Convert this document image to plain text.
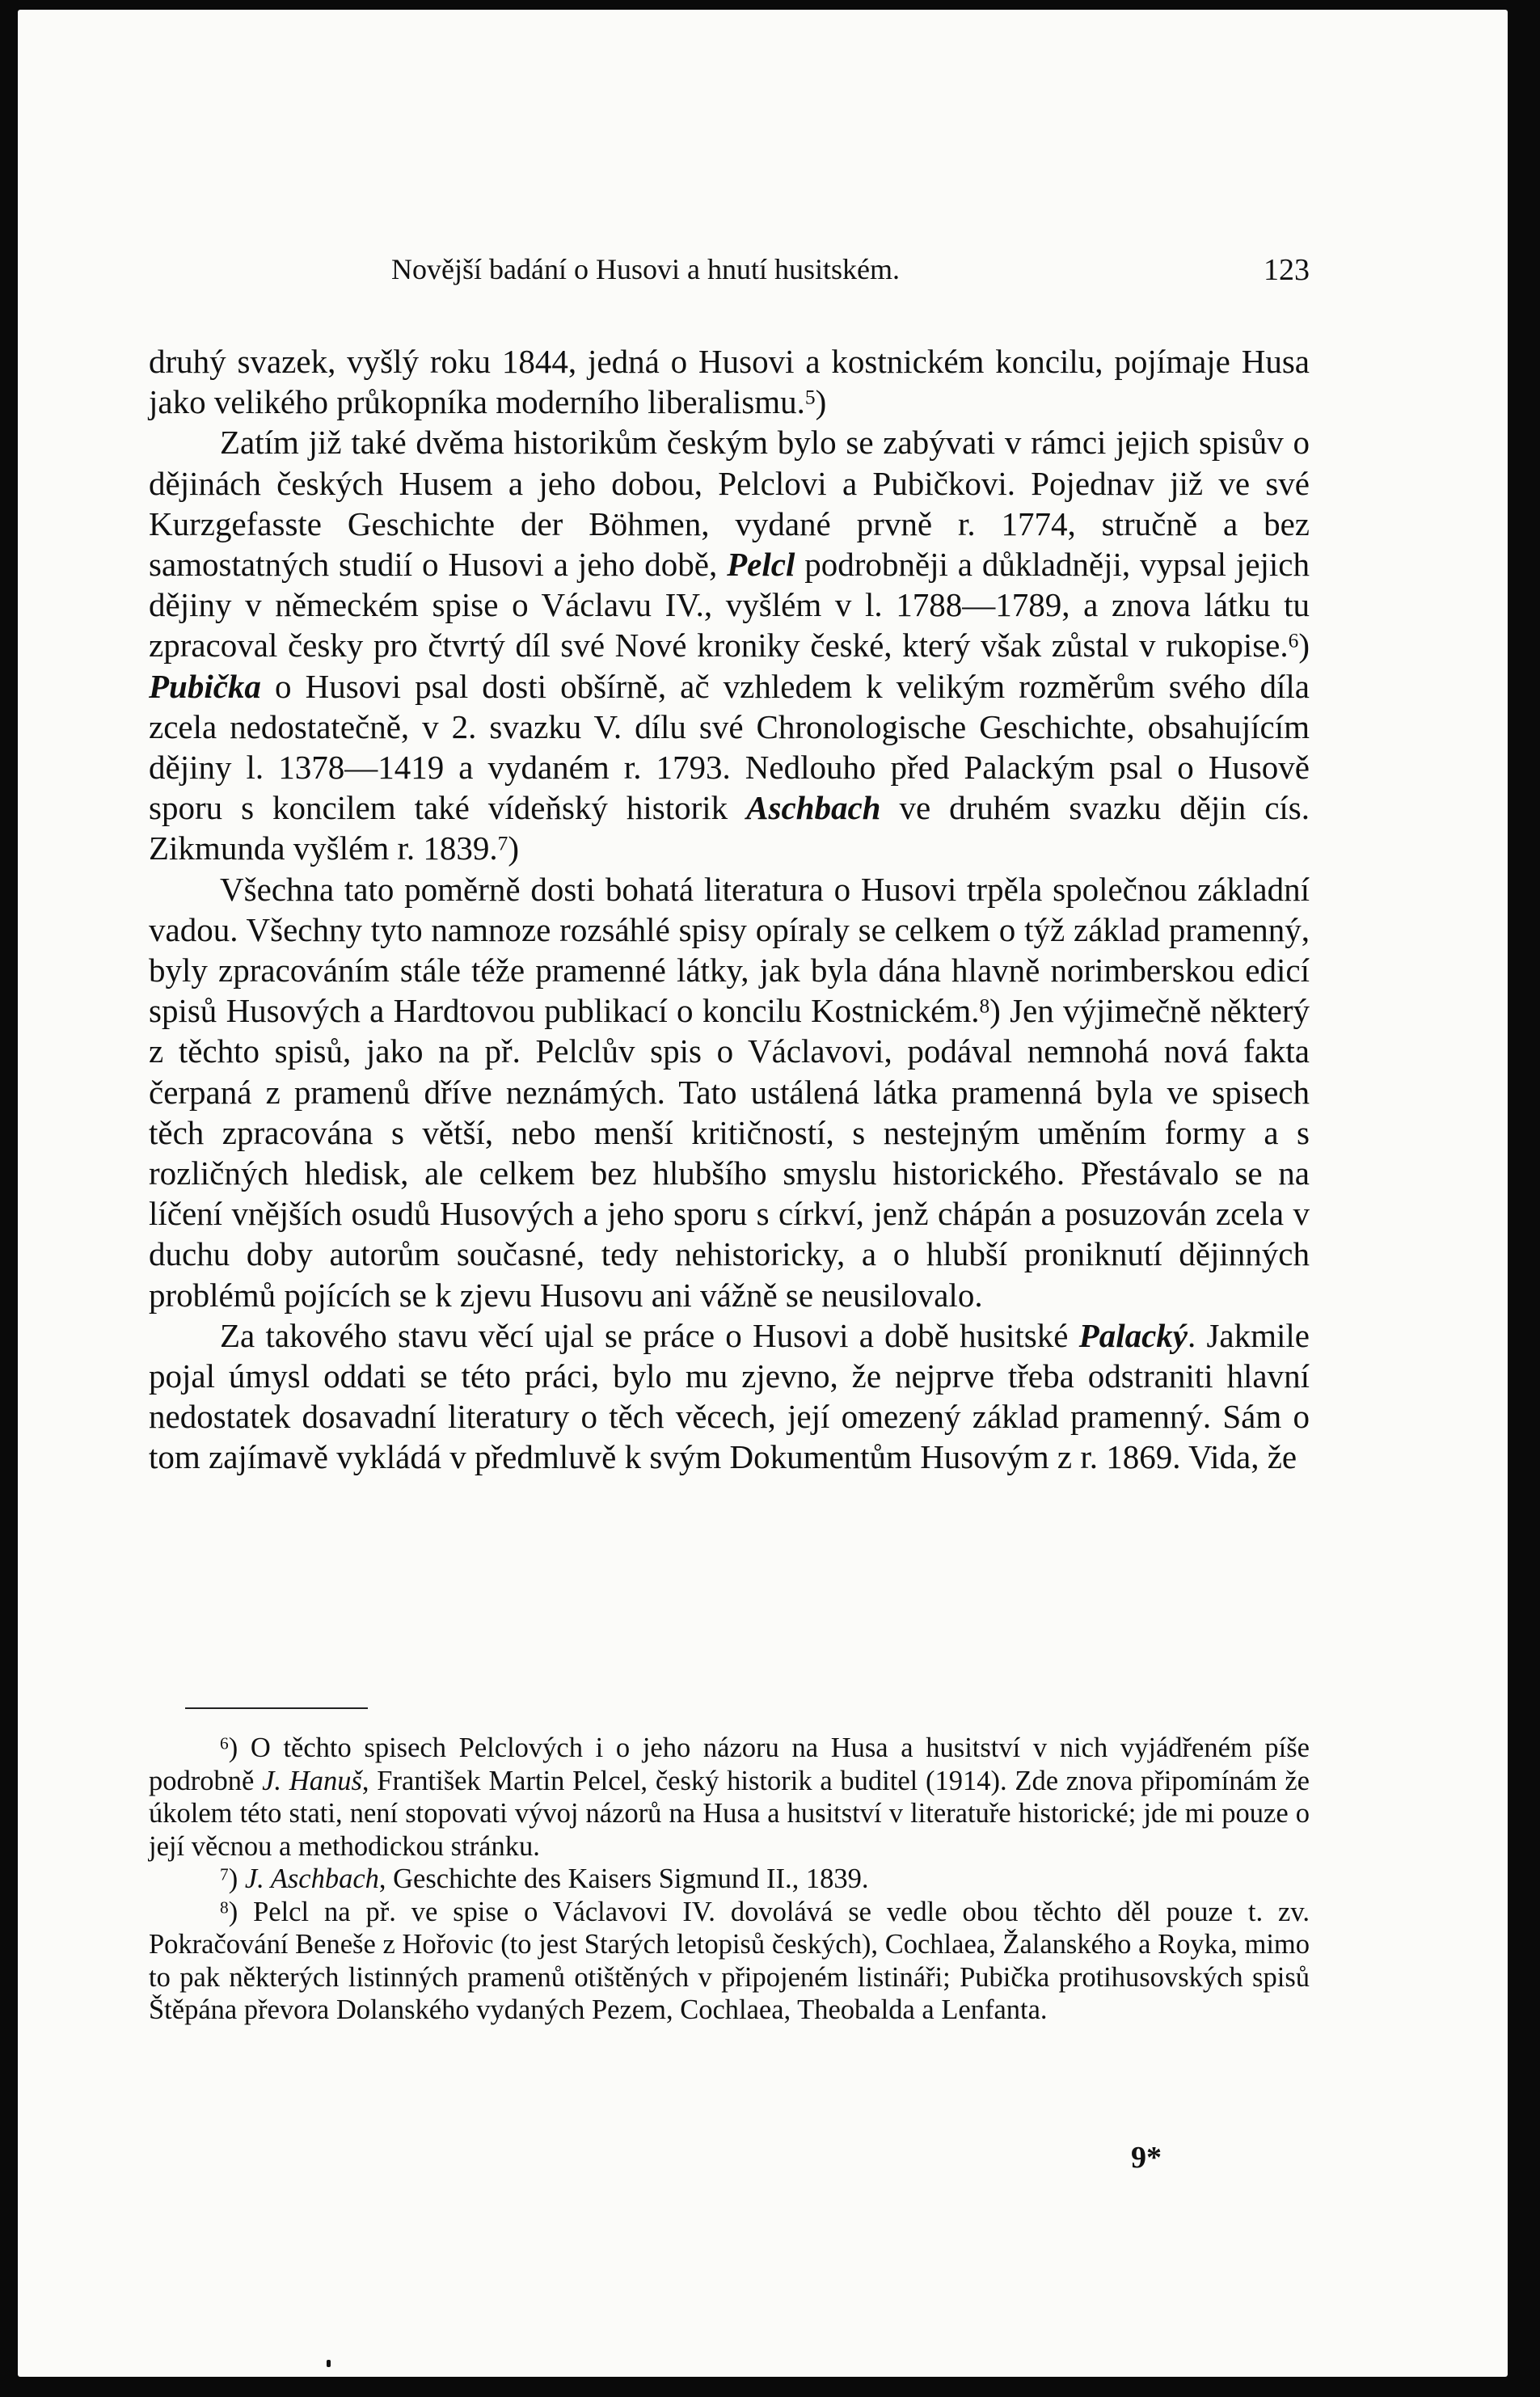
Novější badání o Husovi a hnutí husitském.	123

druhý svazek, vyšlý roku 1844, jedná o Husovi a kostnickém koncilu, pojímaje Husa jako velikého průkopníka moderního liberalismu.$^5$)

Zatím již také dvěma historikům českým bylo se zabývati v rámci jejich spisův o dějinách českých Husem a jeho dobou, Pelclovi a Pubičkovi. Pojednav již ve své Kurzgefasste Geschichte der Böhmen, vydané prvně r. 1774, stručně a bez samostatných studií o Husovi a jeho době, Pelcl podrobněji a důkladněji, vypsal jejich dějiny v německém spise o Václavu IV., vyšlém v l. 1788—1789, a znova látku tu zpracoval česky pro čtvrtý díl své Nové kroniky české, který však zůstal v rukopise.$^6$) Pubička o Husovi psal dosti obšírně, ač vzhledem k velikým rozměrům svého díla zcela nedostatečně, v 2. svazku V. dílu své Chronologische Geschichte, obsahujícím dějiny l. 1378—1419 a vydaném r. 1793. Nedlouho před Palackým psal o Husově sporu s koncilem také vídeňský historik Aschbach ve druhém svazku dějin cís. Zikmunda vyšlém r. 1839.$^7$)

Všechna tato poměrně dosti bohatá literatura o Husovi trpěla společnou základní vadou. Všechny tyto namnoze rozsáhlé spisy opíraly se celkem o týž základ pramenný, byly zpracováním stále téže pramenné látky, jak byla dána hlavně norimberskou edicí spisů Husových a Hardtovou publikací o koncilu Kostnickém.$^8$) Jen výjimečně některý z těchto spisů, jako na př. Pelclův spis o Václavovi, podával nemnohá nová fakta čerpaná z pramenů dříve neznámých. Tato ustálená látka pramenná byla ve spisech těch zpracována s větší, nebo menší kritičností, s nestejným uměním formy a s rozličných hledisk, ale celkem bez hlubšího smyslu historického. Přestávalo se na líčení vnějších osudů Husových a jeho sporu s církví, jenž chápán a posuzován zcela v duchu doby autorům současné, tedy nehistoricky, a o hlubší proniknutí dějinných problémů pojících se k zjevu Husovu ani vážně se neusilovalo.

Za takového stavu věcí ujal se práce o Husovi a době husitské Palacký. Jakmile pojal úmysl oddati se této práci, bylo mu zjevno, že nejprve třeba odstraniti hlavní nedostatek dosavadní literatury o těch věcech, její omezený základ pramenný. Sám o tom zajímavě vykládá v předmluvě k svým Dokumentům Husovým z r. 1869. Vida, že

$^6$) O těchto spisech Pelclových i o jeho názoru na Husa a husitství v nich vyjádřeném píše podrobně J. Hanuš, František Martin Pelcel, český historik a buditel (1914). Zde znova připomínám že úkolem této stati, není stopovati vývoj názorů na Husa a husitství v literatuře historické; jde mi pouze o její věcnou a methodickou stránku.

$^7$) J. Aschbach, Geschichte des Kaisers Sigmund II., 1839.

$^8$) Pelcl na př. ve spise o Václavovi IV. dovolává se vedle obou těchto děl pouze t. zv. Pokračování Beneše z Hořovic (to jest Starých letopisů českých), Cochlaea, Žalanského a Royka, mimo to pak některých listinných pramenů otištěných v připojeném listináři; Pubička protihusovských spisů Štěpána převora Dolanského vydaných Pezem, Cochlaea, Theobalda a Lenfanta.

9*
